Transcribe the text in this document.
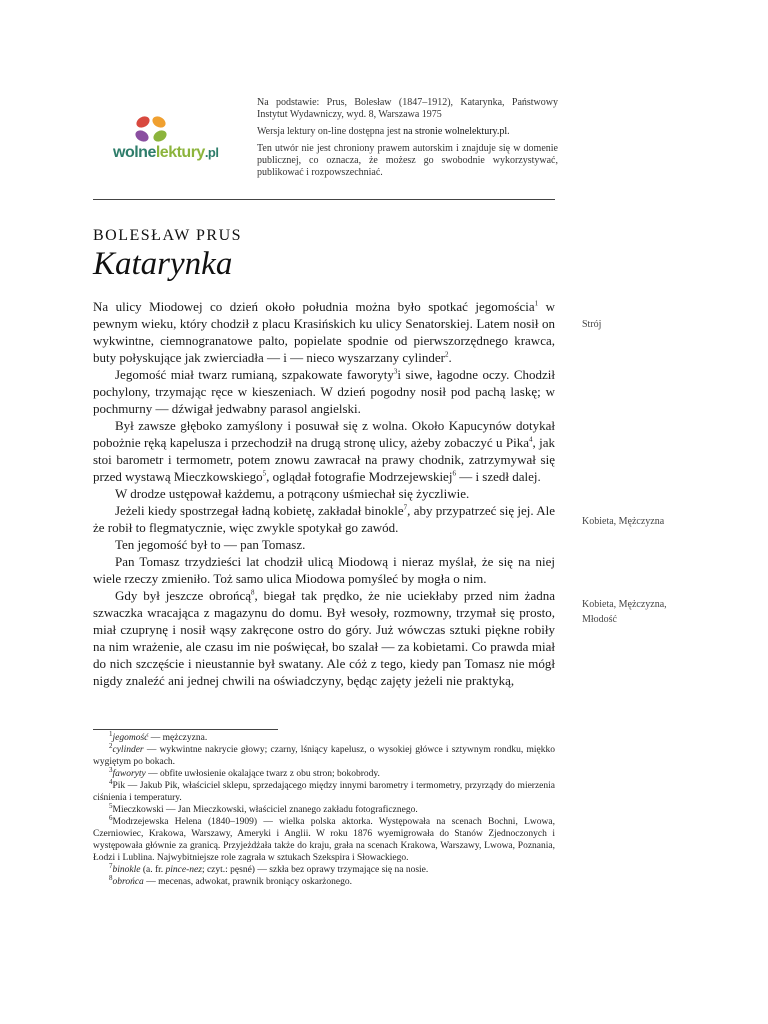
wolnelektury.pl

Na podstawie: Prus, Bolesław (1847–1912), Katarynka, Państwowy Instytut Wydawniczy, wyd. 8, Warszawa 1975

Wersja lektury on-line dostępna jest na stronie wolnelektury.pl.

Ten utwór nie jest chroniony prawem autorskim i znajduje się w domenie publicznej, co oznacza, że możesz go swobodnie wykorzystywać, publikować i rozpowszechniać.

BOLESŁAW PRUS
Katarynka

Na ulicy Miodowej co dzień około południa można było spotkać jegomościa$^1$ w pewnym wieku, który chodził z placu Krasińskich ku ulicy Senatorskiej. Latem nosił on wykwintne, ciemnogranatowe palto, popielate spodnie od pierwszorzędnego krawca, buty połyskujące jak zwierciadła — i — nieco wyszarzany cylinder$^2$.

Jegomość miał twarz rumianą, szpakowate faworyty$^3$i siwe, łagodne oczy. Chodził pochylony, trzymając ręce w kieszeniach. W dzień pogodny nosił pod pachą laskę; w pochmurny — dźwigał jedwabny parasol angielski.

Był zawsze głęboko zamyślony i posuwał się z wolna. Około Kapucynów dotykał pobożnie ręką kapelusza i przechodził na drugą stronę ulicy, ażeby zobaczyć u Pika$^4$, jak stoi barometr i termometr, potem znowu zawracał na prawy chodnik, zatrzymywał się przed wystawą Mieczkowskiego$^5$, oglądał fotografie Modrzejewskiej$^6$ — i szedł dalej.

W drodze ustępował każdemu, a potrącony uśmiechał się życzliwie.

Jeżeli kiedy spostrzegał ładną kobietę, zakładał binokle$^7$, aby przypatrzeć się jej. Ale że robił to flegmatycznie, więc zwykle spotykał go zawód.

Ten jegomość był to — pan Tomasz.

Pan Tomasz trzydzieści lat chodził ulicą Miodową i nieraz myślał, że się na niej wiele rzeczy zmieniło. Toż samo ulica Miodowa pomyśleć by mogła o nim.

Gdy był jeszcze obrońcą$^8$, biegał tak prędko, że nie uciekłaby przed nim żadna szwaczka wracająca z magazynu do domu. Był wesoły, rozmowny, trzymał się prosto, miał czuprynę i nosił wąsy zakręcone ostro do góry. Już wówczas sztuki piękne robiły na nim wrażenie, ale czasu im nie poświęcał, bo szalał — za kobietami. Co prawda miał do nich szczęście i nieustannie był swatany. Ale cóż z tego, kiedy pan Tomasz nie mógł nigdy znaleźć ani jednej chwili na oświadczyny, będąc zajęty jeżeli nie praktyką,

Strój
Kobieta, Mężczyzna
Kobieta, Mężczyzna, Młodość

$^1$jegomość — mężczyzna.

$^2$cylinder — wykwintne nakrycie głowy; czarny, lśniący kapelusz, o wysokiej główce i sztywnym rondku, miękko wygiętym po bokach.

$^3$faworyty — obfite uwłosienie okalające twarz z obu stron; bokobrody.

$^4$Pik — Jakub Pik, właściciel sklepu, sprzedającego między innymi barometry i termometry, przyrządy do mierzenia ciśnienia i temperatury.

$^5$Mieczkowski — Jan Mieczkowski, właściciel znanego zakładu fotograficznego.

$^6$Modrzejewska Helena (1840–1909) — wielka polska aktorka. Występowała na scenach Bochni, Lwowa, Czerniowiec, Krakowa, Warszawy, Ameryki i Anglii. W roku 1876 wyemigrowała do Stanów Zjednoczonych i występowała głównie za granicą. Przyjeżdżała także do kraju, grała na scenach Krakowa, Warszawy, Lwowa, Poznania, Łodzi i Lublina. Najwybitniejsze role zagrała w sztukach Szekspira i Słowackiego.

$^7$binokle (a. fr. pince-nez; czyt.: pęsné) — szkła bez oprawy trzymające się na nosie.

$^8$obrońca — mecenas, adwokat, prawnik broniący oskarżonego.
